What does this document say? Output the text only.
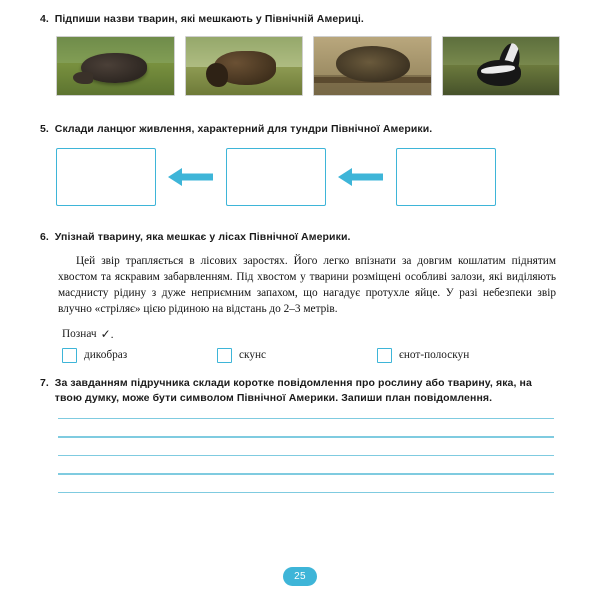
4. Підпиши назви тварин, які мешкають у Північній Америці.
5. Склади ланцюг живлення, характерний для тундри Північної Америки.
6. Упізнай тварину, яка мешкає у лісах Північної Америки.

Цей звір трапляється в лісових заростях. Його легко впізнати за довгим кошлатим піднятим хвостом та яскравим забарвленням. Під хвостом у тварини розміщені особливі залози, які виділяють масднисту рідину з дуже неприємним запахом, що нагадує протухле яйце. У разі небезпеки звір влучно «стріляє» цією рідиною на відстань до 2–3 метрів.

Познач ✓.
дикобраз	скунс	єнот-полоскун
7. За завданням підручника склади коротке повідомлення про рослину або тварину, яка, на твою думку, може бути символом Північної Америки. Запиши план повідомлення.
25
